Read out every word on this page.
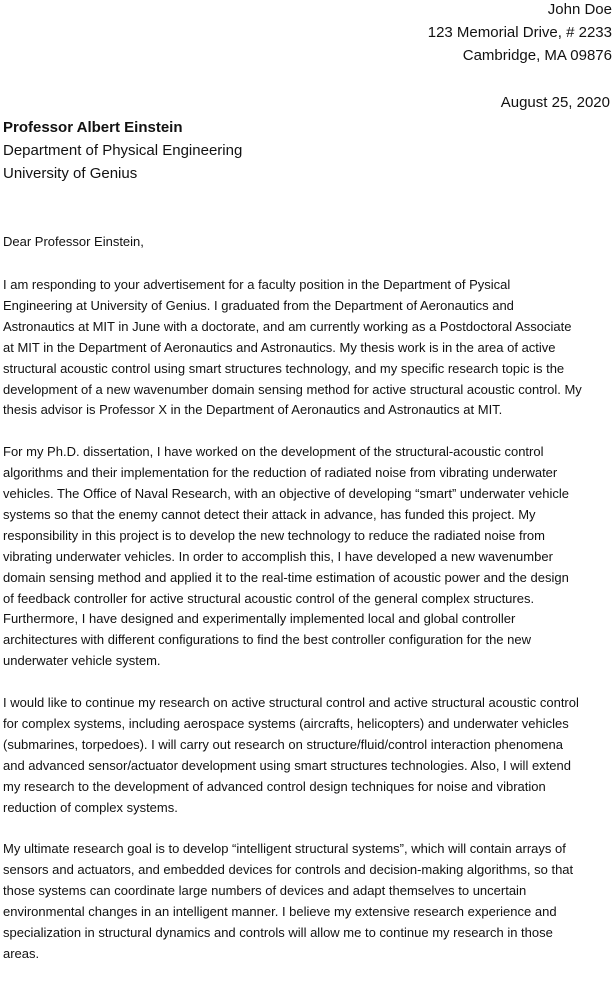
John Doe
123 Memorial Drive, # 2233
Cambridge, MA 09876
August 25, 2020
Professor Albert Einstein
Department of Physical Engineering
University of Genius
Dear Professor Einstein,

I am responding to your advertisement for a faculty position in the Department of Pysical
Engineering at University of Genius. I graduated from the Department of Aeronautics and
Astronautics at MIT in June with a doctorate, and am currently working as a Postdoctoral Associate
at MIT in the Department of Aeronautics and Astronautics. My thesis work is in the area of active
structural acoustic control using smart structures technology, and my specific research topic is the
development of a new wavenumber domain sensing method for active structural acoustic control. My
thesis advisor is Professor X in the Department of Aeronautics and Astronautics at MIT.

For my Ph.D. dissertation, I have worked on the development of the structural-acoustic control
algorithms and their implementation for the reduction of radiated noise from vibrating underwater
vehicles. The Office of Naval Research, with an objective of developing “smart” underwater vehicle
systems so that the enemy cannot detect their attack in advance, has funded this project. My
responsibility in this project is to develop the new technology to reduce the radiated noise from
vibrating underwater vehicles. In order to accomplish this, I have developed a new wavenumber
domain sensing method and applied it to the real-time estimation of acoustic power and the design
of feedback controller for active structural acoustic control of the general complex structures.
Furthermore, I have designed and experimentally implemented local and global controller
architectures with different configurations to find the best controller configuration for the new
underwater vehicle system.

I would like to continue my research on active structural control and active structural acoustic control
for complex systems, including aerospace systems (aircrafts, helicopters) and underwater vehicles
(submarines, torpedoes). I will carry out research on structure/fluid/control interaction phenomena
and advanced sensor/actuator development using smart structures technologies. Also, I will extend
my research to the development of advanced control design techniques for noise and vibration
reduction of complex systems.

My ultimate research goal is to develop “intelligent structural systems”, which will contain arrays of
sensors and actuators, and embedded devices for controls and decision-making algorithms, so that
those systems can coordinate large numbers of devices and adapt themselves to uncertain
environmental changes in an intelligent manner. I believe my extensive research experience and
specialization in structural dynamics and controls will allow me to continue my research in those
areas.
